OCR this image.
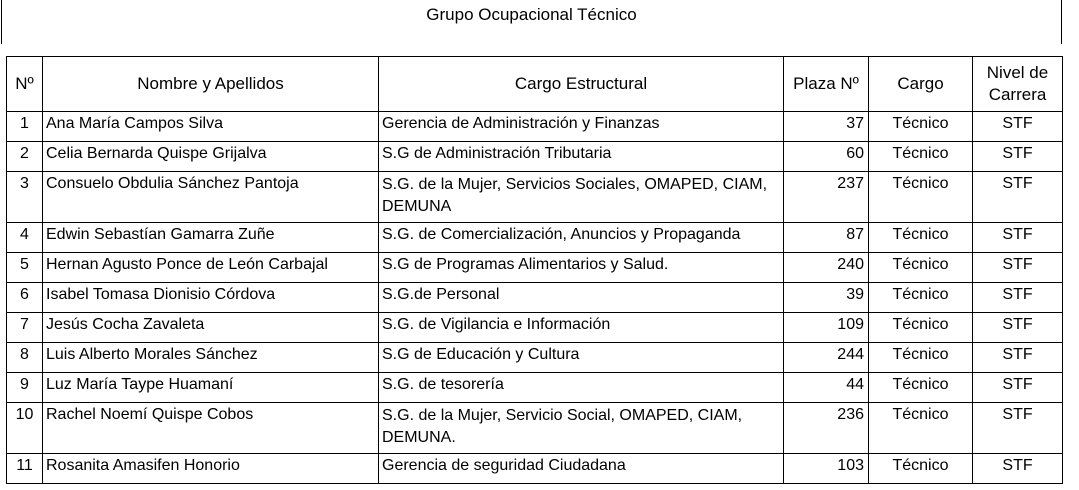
Grupo Ocupacional Técnico
Nº	Nombre y Apellidos	Cargo Estructural	Plaza Nº	Cargo	Nivel de
Carrera
1	Ana María Campos Silva	Gerencia de Administración y Finanzas	37	Técnico	STF
2	Celia Bernarda Quispe Grijalva	S.G de Administración Tributaria	60	Técnico	STF
3	Consuelo Obdulia Sánchez Pantoja	S.G. de la Mujer, Servicios Sociales, OMAPED, CIAM, DEMUNA	237	Técnico	STF
4	Edwin Sebastían Gamarra Zuñe	S.G. de Comercialización, Anuncios y Propaganda	87	Técnico	STF
5	Hernan Agusto Ponce de León Carbajal	S.G de Programas Alimentarios y Salud.	240	Técnico	STF
6	Isabel Tomasa Dionisio Córdova	S.G.de Personal	39	Técnico	STF
7	Jesús Cocha Zavaleta	S.G. de Vigilancia e Información	109	Técnico	STF
8	Luis Alberto Morales Sánchez	S.G de Educación y Cultura	244	Técnico	STF
9	Luz María Taype Huamaní	S.G. de tesorería	44	Técnico	STF
10	Rachel Noemí Quispe Cobos	S.G. de la Mujer, Servicio Social, OMAPED, CIAM, DEMUNA.	236	Técnico	STF
11	Rosanita Amasifen Honorio	Gerencia de seguridad Ciudadana	103	Técnico	STF
